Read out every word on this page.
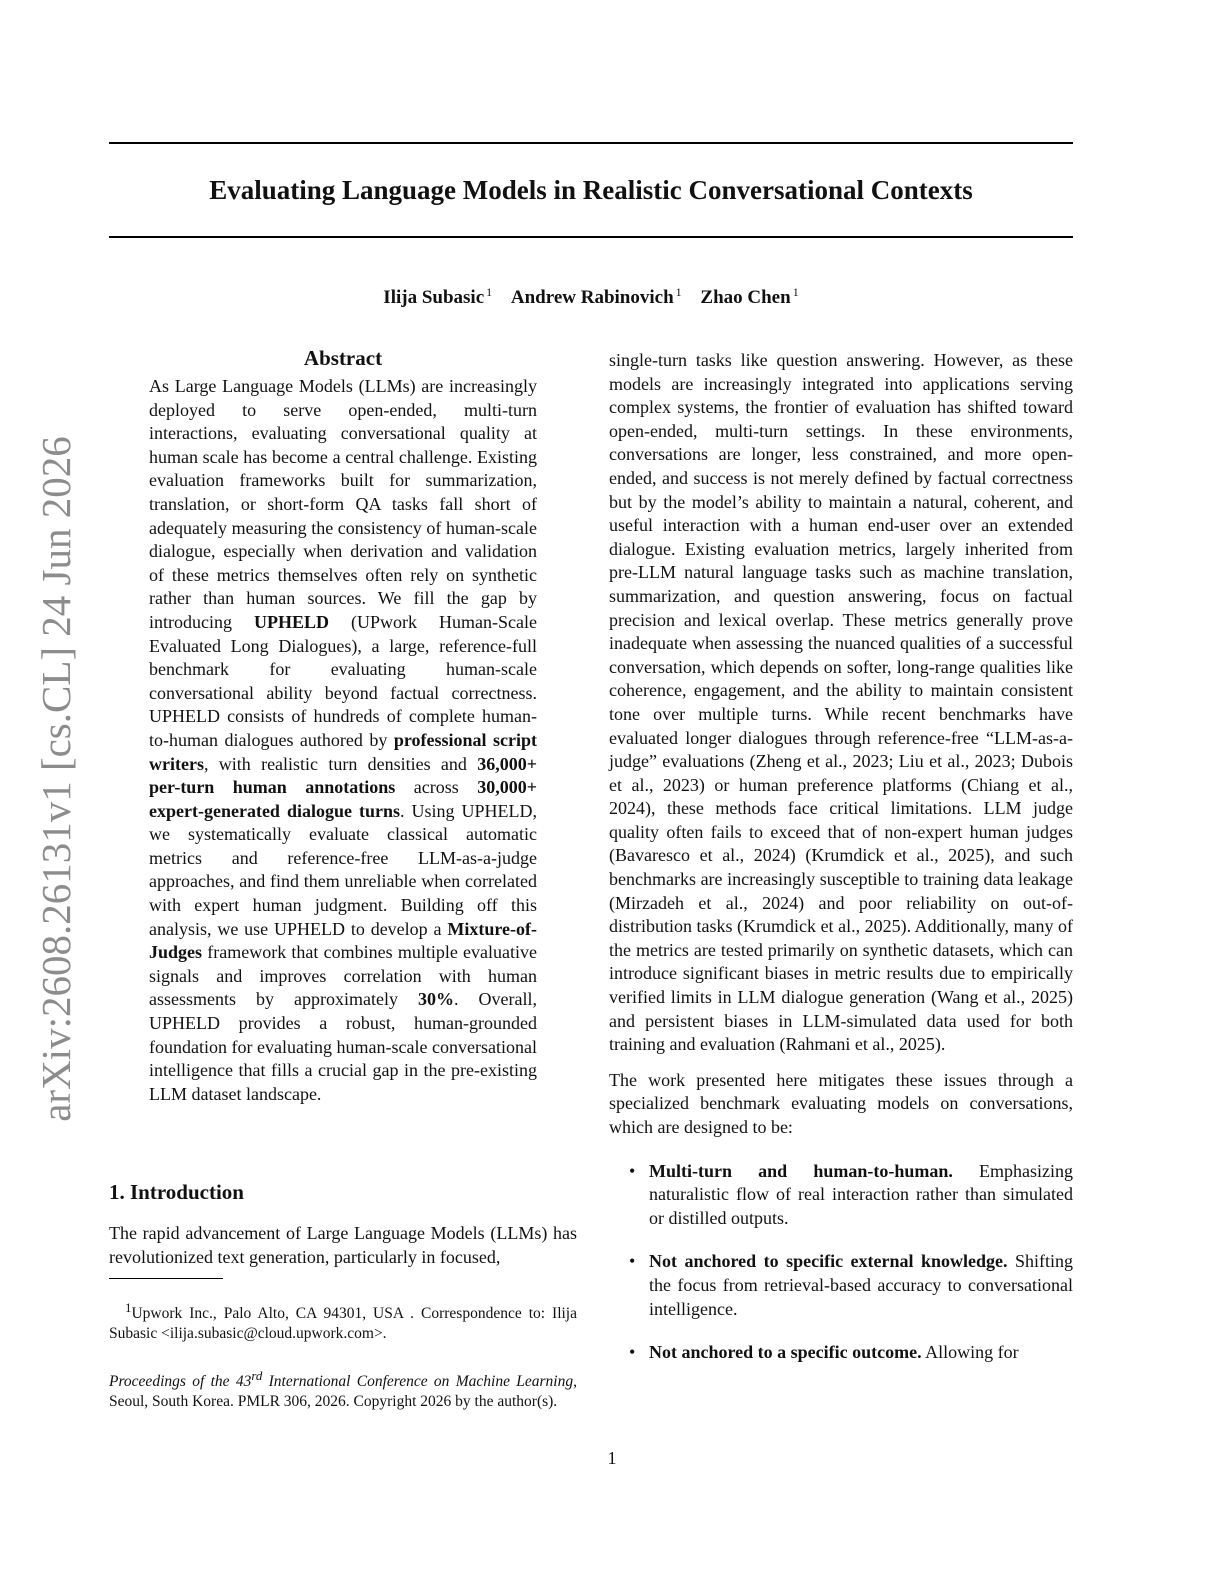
Evaluating Language Models in Realistic Conversational Contexts
Ilija Subasic $^1$ Andrew Rabinovich $^1$ Zhao Chen $^1$
arXiv:2608.26131v1 [cs.CL] 24 Jun 2026
Abstract

As Large Language Models (LLMs) are increasingly deployed to serve open-ended, multi-turn interactions, evaluating conversational quality at human scale has become a central challenge. Existing evaluation frameworks built for summarization, translation, or short-form QA tasks fall short of adequately measuring the consistency of human-scale dialogue, especially when derivation and validation of these metrics themselves often rely on synthetic rather than human sources. We fill the gap by introducing UPHELD (UPwork Human-Scale Evaluated Long Dialogues), a large, reference-full benchmark for evaluating human-scale conversational ability beyond factual correctness. UPHELD consists of hundreds of complete human-to-human dialogues authored by professional script writers, with realistic turn densities and 36,000+ per-turn human annotations across 30,000+ expert-generated dialogue turns. Using UPHELD, we systematically evaluate classical automatic metrics and reference-free LLM-as-a-judge approaches, and find them unreliable when correlated with expert human judgment. Building off this analysis, we use UPHELD to develop a Mixture-of-Judges framework that combines multiple evaluative signals and improves correlation with human assessments by approximately 30%. Overall, UPHELD provides a robust, human-grounded foundation for evaluating human-scale conversational intelligence that fills a crucial gap in the pre-existing LLM dataset landscape.

1. Introduction

The rapid advancement of Large Language Models (LLMs) has revolutionized text generation, particularly in focused,

$^1$Upwork Inc., Palo Alto, CA 94301, USA . Correspondence to: Ilija Subasic <ilija.subasic@cloud.upwork.com>.

Proceedings of the 43rd International Conference on Machine Learning, Seoul, South Korea. PMLR 306, 2026. Copyright 2026 by the author(s).

single-turn tasks like question answering. However, as these models are increasingly integrated into applications serving complex systems, the frontier of evaluation has shifted toward open-ended, multi-turn settings. In these environments, conversations are longer, less constrained, and more open-ended, and success is not merely defined by factual correctness but by the model’s ability to maintain a natural, coherent, and useful interaction with a human end-user over an extended dialogue. Existing evaluation metrics, largely inherited from pre-LLM natural language tasks such as machine translation, summarization, and question answering, focus on factual precision and lexical overlap. These metrics generally prove inadequate when assessing the nuanced qualities of a successful conversation, which depends on softer, long-range qualities like coherence, engagement, and the ability to maintain consistent tone over multiple turns. While recent benchmarks have evaluated longer dialogues through reference-free “LLM-as-a-judge” evaluations (Zheng et al., 2023; Liu et al., 2023; Dubois et al., 2023) or human preference platforms (Chiang et al., 2024), these methods face critical limitations. LLM judge quality often fails to exceed that of non-expert human judges (Bavaresco et al., 2024) (Krumdick et al., 2025), and such benchmarks are increasingly susceptible to training data leakage (Mirzadeh et al., 2024) and poor reliability on out-of-distribution tasks (Krumdick et al., 2025). Additionally, many of the metrics are tested primarily on synthetic datasets, which can introduce significant biases in metric results due to empirically verified limits in LLM dialogue generation (Wang et al., 2025) and persistent biases in LLM-simulated data used for both training and evaluation (Rahmani et al., 2025).

The work presented here mitigates these issues through a specialized benchmark evaluating models on conversations, which are designed to be:

• Multi-turn and human-to-human. Emphasizing naturalistic flow of real interaction rather than simulated or distilled outputs.
• Not anchored to specific external knowledge. Shifting the focus from retrieval-based accuracy to conversational intelligence.
• Not anchored to a specific outcome. Allowing for
1
